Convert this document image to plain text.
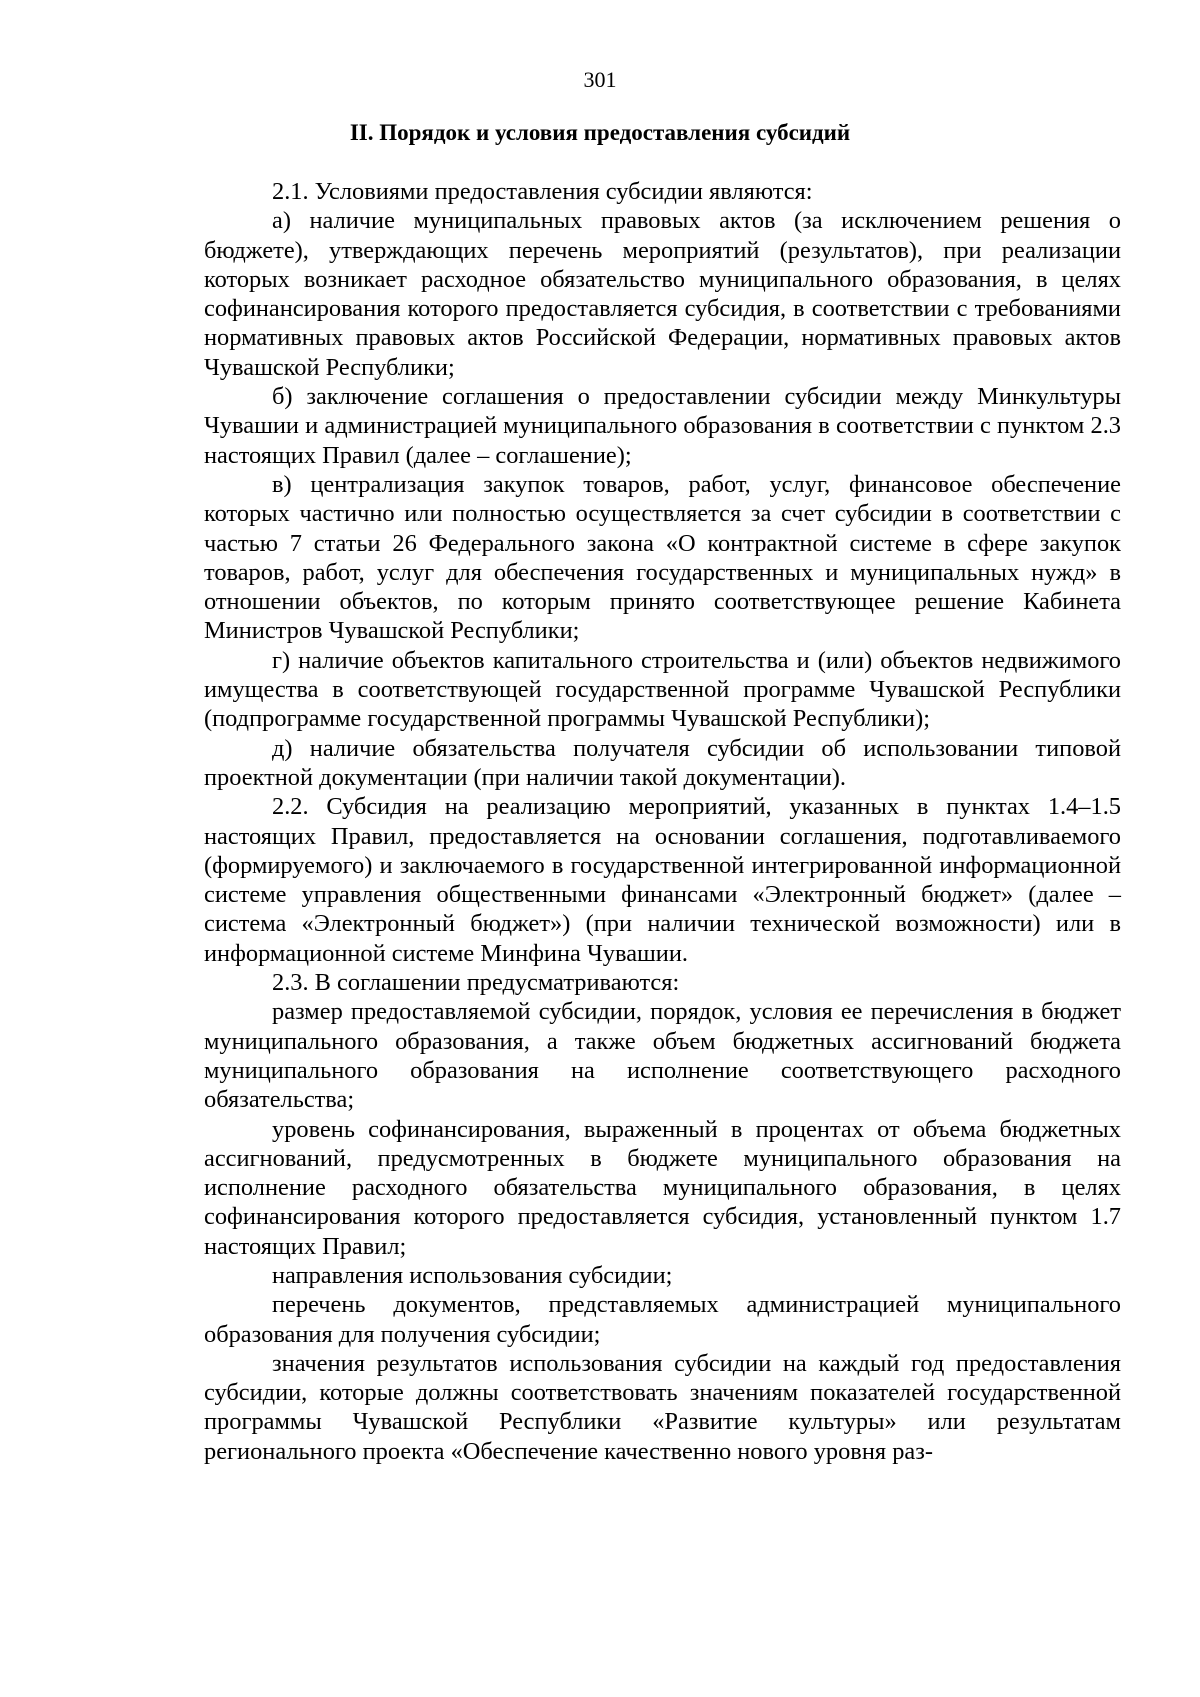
301
II. Порядок и условия предоставления субсидий

2.1. Условиями предоставления субсидии являются:

а) наличие муниципальных правовых актов (за исключением решения о бюджете), утверждающих перечень мероприятий (результатов), при реализации которых возникает расходное обязательство муниципального образования, в целях софинансирования которого предоставляется субсидия, в соответствии с требованиями нормативных правовых актов Российской Федерации, нормативных правовых актов Чувашской Республики;

б) заключение соглашения о предоставлении субсидии между Минкультуры Чувашии и администрацией муниципального образования в соответствии с пунктом 2.3 настоящих Правил (далее – соглашение);

в) централизация закупок товаров, работ, услуг, финансовое обеспечение которых частично или полностью осуществляется за счет субсидии в соответствии с частью 7 статьи 26 Федерального закона «О контрактной системе в сфере закупок товаров, работ, услуг для обеспечения государственных и муниципальных нужд» в отношении объектов, по которым принято соответствующее решение Кабинета Министров Чувашской Республики;

г) наличие объектов капитального строительства и (или) объектов недвижимого имущества в соответствующей государственной программе Чувашской Республики (подпрограмме государственной программы Чувашской Республики);

д) наличие обязательства получателя субсидии об использовании типовой проектной документации (при наличии такой документации).

2.2. Субсидия на реализацию мероприятий, указанных в пунктах 1.4–1.5 настоящих Правил, предоставляется на основании соглашения, подготавливаемого (формируемого) и заключаемого в государственной интегрированной информационной системе управления общественными финансами «Электронный бюджет» (далее – система «Электронный бюджет») (при наличии технической возможности) или в информационной системе Минфина Чувашии.

2.3. В соглашении предусматриваются:

размер предоставляемой субсидии, порядок, условия ее перечисления в бюджет муниципального образования, а также объем бюджетных ассигнований бюджета муниципального образования на исполнение соответствующего расходного обязательства;

уровень софинансирования, выраженный в процентах от объема бюджетных ассигнований, предусмотренных в бюджете муниципального образования на исполнение расходного обязательства муниципального образования, в целях софинансирования которого предоставляется субсидия, установленный пунктом 1.7 настоящих Правил;

направления использования субсидии;

перечень документов, представляемых администрацией муниципального образования для получения субсидии;

значения результатов использования субсидии на каждый год предоставления субсидии, которые должны соответствовать значениям показателей государственной программы Чувашской Республики «Развитие культуры» или результатам регионального проекта «Обеспечение качественно нового уровня раз-
